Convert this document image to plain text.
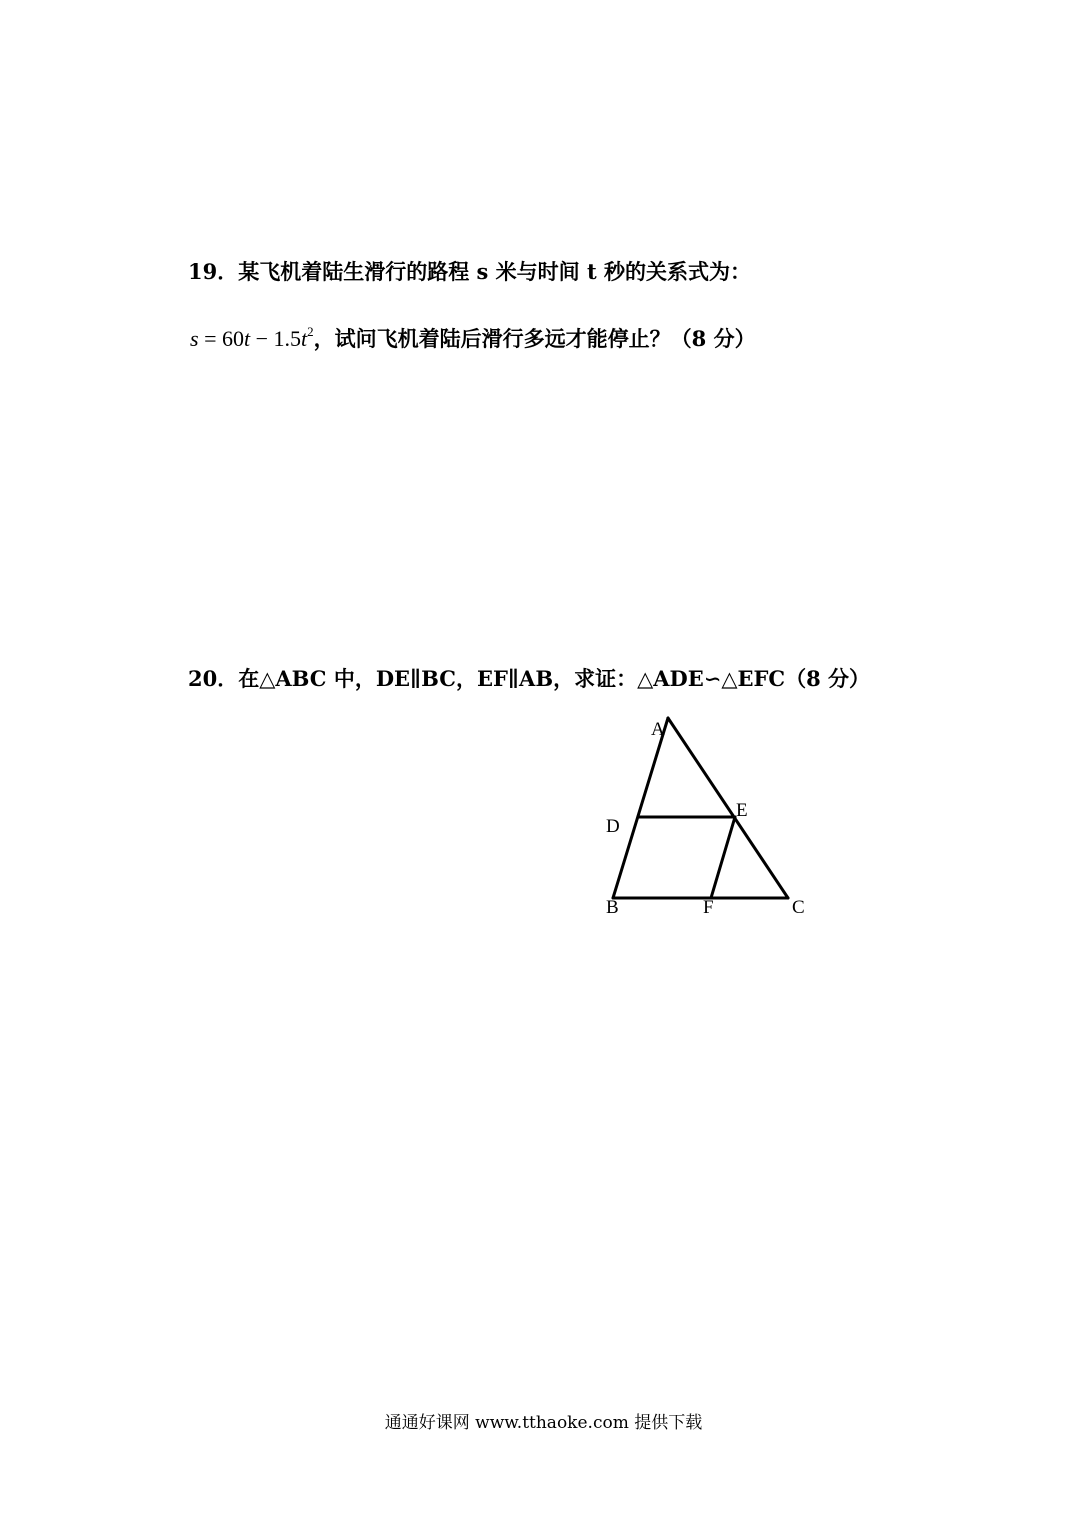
19．某飞机着陆生滑行的路程 s 米与时间 t 秒的关系式为：
$s = 60t - 1.5t^2$，试问飞机着陆后滑行多远才能停止？（8 分）
20．在△ABC 中，DE∥BC，EF∥AB，求证：△ADE∽△EFC（8 分）
A
D
E
B	F	C
通通好课网 www.tthaoke.com 提供下载
